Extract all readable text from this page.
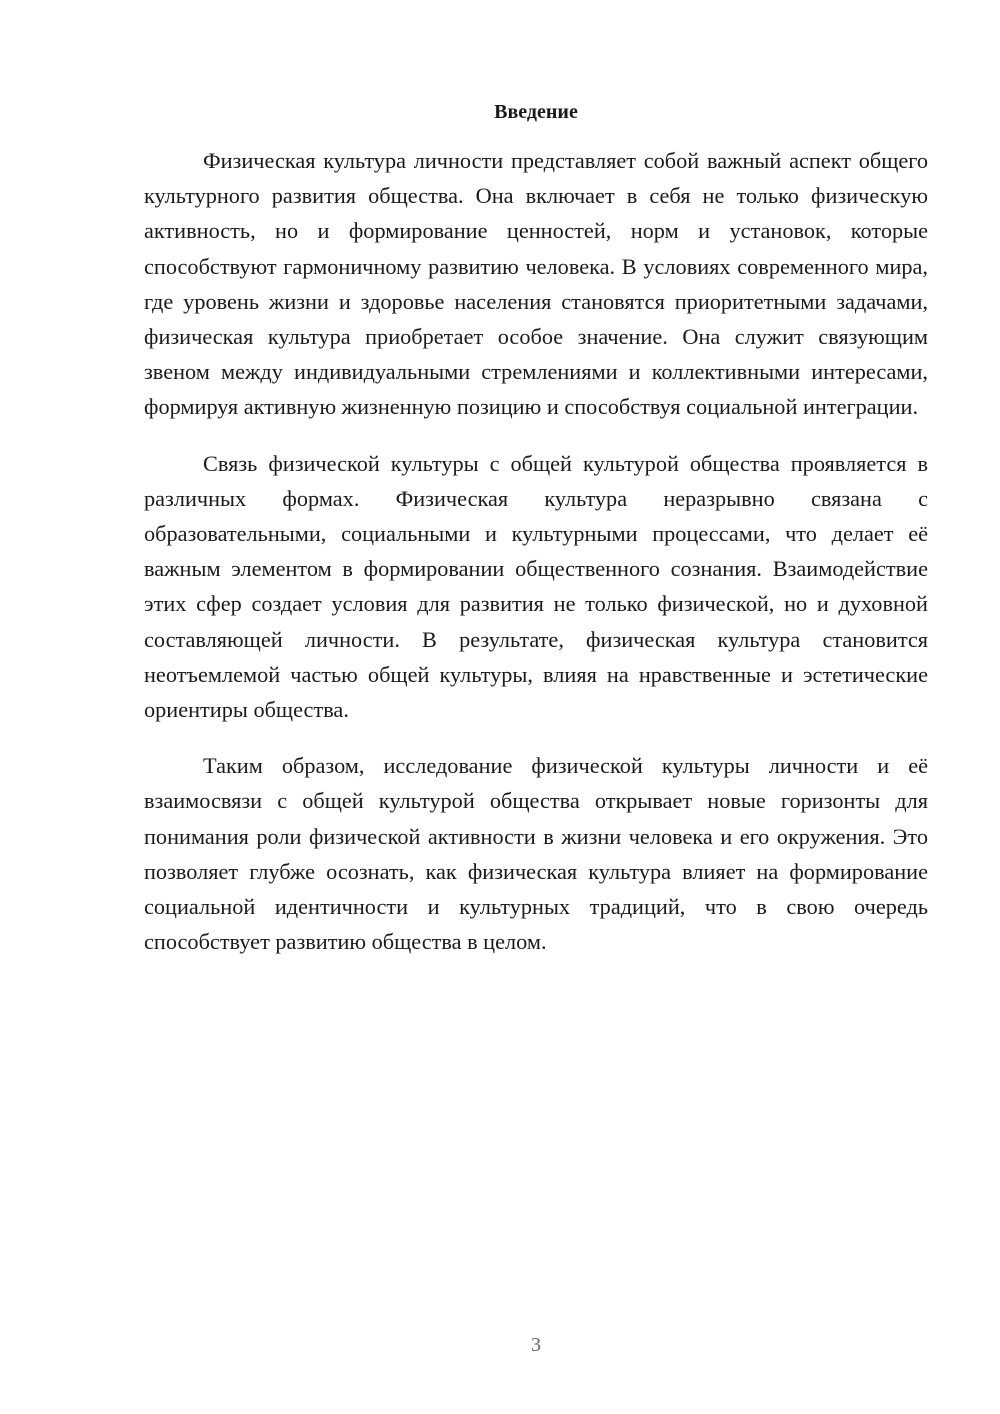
Введение

Физическая культура личности представляет собой важный аспект общего культурного развития общества. Она включает в себя не только физическую активность, но и формирование ценностей, норм и установок, которые способствуют гармоничному развитию человека. В условиях современного мира, где уровень жизни и здоровье населения становятся приоритетными задачами, физическая культура приобретает особое значение. Она служит связующим звеном между индивидуальными стремлениями и коллективными интересами, формируя активную жизненную позицию и способствуя социальной интеграции.

Связь физической культуры с общей культурой общества проявляется в различных формах. Физическая культура неразрывно связана с образовательными, социальными и культурными процессами, что делает её важным элементом в формировании общественного сознания. Взаимодействие этих сфер создает условия для развития не только физической, но и духовной составляющей личности. В результате, физическая культура становится неотъемлемой частью общей культуры, влияя на нравственные и эстетические ориентиры общества.

Таким образом, исследование физической культуры личности и её взаимосвязи с общей культурой общества открывает новые горизонты для понимания роли физической активности в жизни человека и его окружения. Это позволяет глубже осознать, как физическая культура влияет на формирование социальной идентичности и культурных традиций, что в свою очередь способствует развитию общества в целом.

3
